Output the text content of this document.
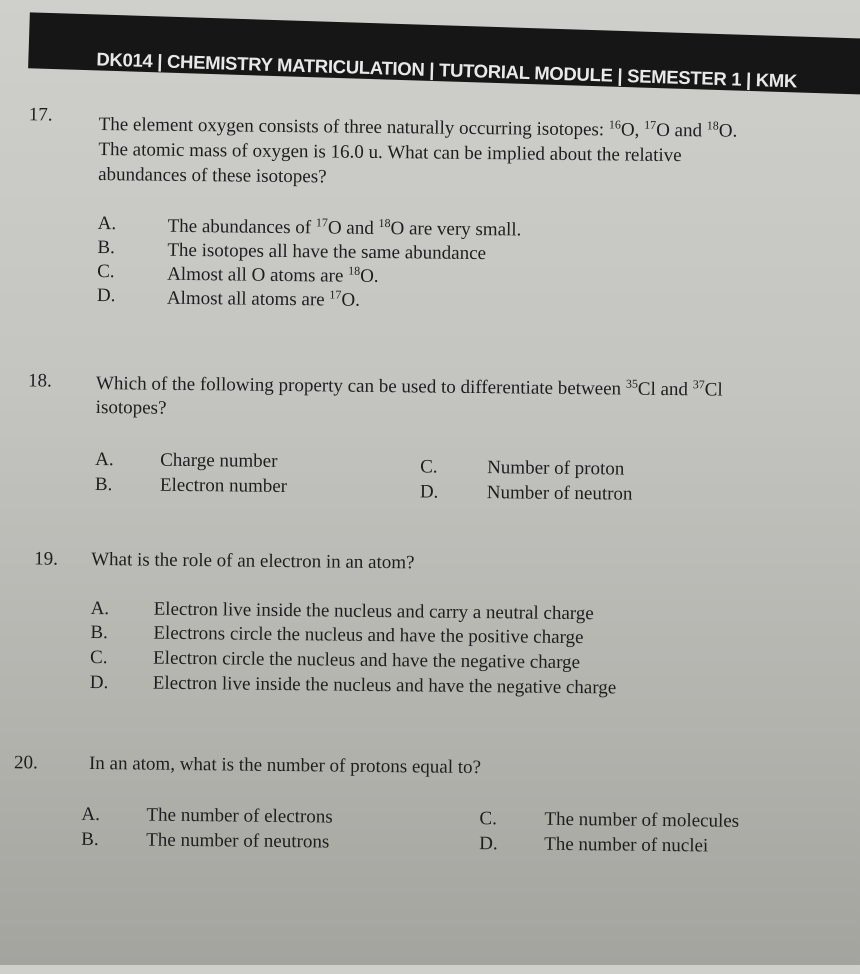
DK014 | CHEMISTRY MATRICULATION | TUTORIAL MODULE | SEMESTER 1 | KMK
17. The element oxygen consists of three naturally occurring isotopes: $^{16}$O, $^{17}$O and $^{18}$O.
The atomic mass of oxygen is 16.0 u. What can be implied about the relative
abundances of these isotopes?
A.	The abundances of $^{17}$O and $^{18}$O are very small.
B.	The isotopes all have the same abundance
C.	Almost all O atoms are $^{18}$O.
D.	Almost all atoms are $^{17}$O.
18. Which of the following property can be used to differentiate between $^{35}$Cl and $^{37}$Cl
isotopes?
A. Charge number
B. Electron number
C.	Number of proton
D.	Number of neutron
19. What is the role of an electron in an atom?
A. Electron live inside the nucleus and carry a neutral charge
B. Electrons circle the nucleus and have the positive charge
C. Electron circle the nucleus and have the negative charge
D. Electron live inside the nucleus and have the negative charge
20.	In an atom, what is the number of protons equal to?
A. The number of electrons
B. The number of neutrons
C. The number of molecules
D. The number of nuclei
